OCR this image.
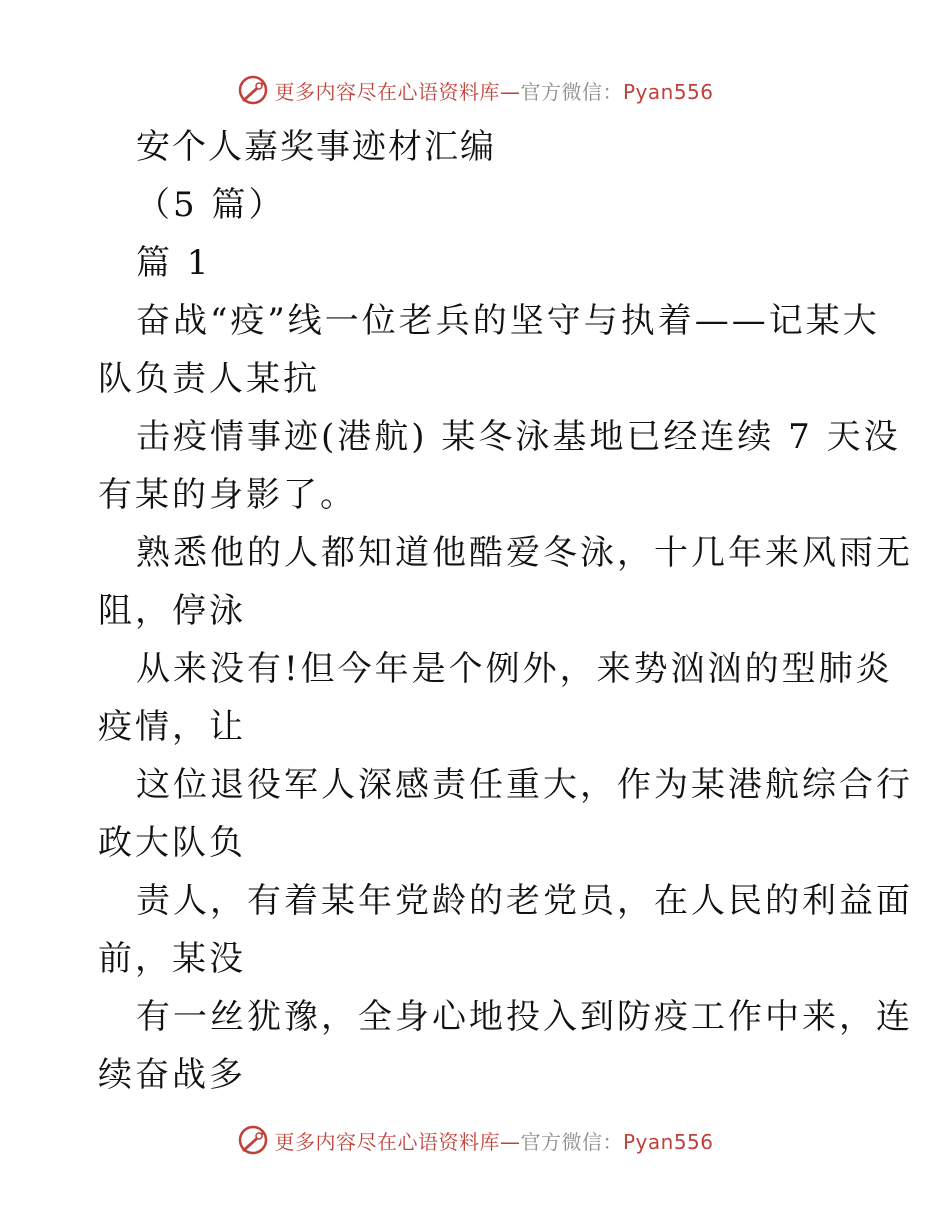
更多内容尽在心语资料库—官方微信：Pyan556
安个人嘉奖事迹材汇编
（5 篇）
篇 1
奋战“疫”线一位老兵的坚守与执着——记某大
队负责人某抗
击疫情事迹(港航) 某冬泳基地已经连续 7 天没
有某的身影了。
熟悉他的人都知道他酷爱冬泳，十几年来风雨无
阻，停泳
从来没有!但今年是个例外，来势汹汹的型肺炎
疫情，让
这位退役军人深感责任重大，作为某港航综合行
政大队负
责人，有着某年党龄的老党员，在人民的利益面
前，某没
有一丝犹豫，全身心地投入到防疫工作中来，连
续奋战多
更多内容尽在心语资料库—官方微信：Pyan556
